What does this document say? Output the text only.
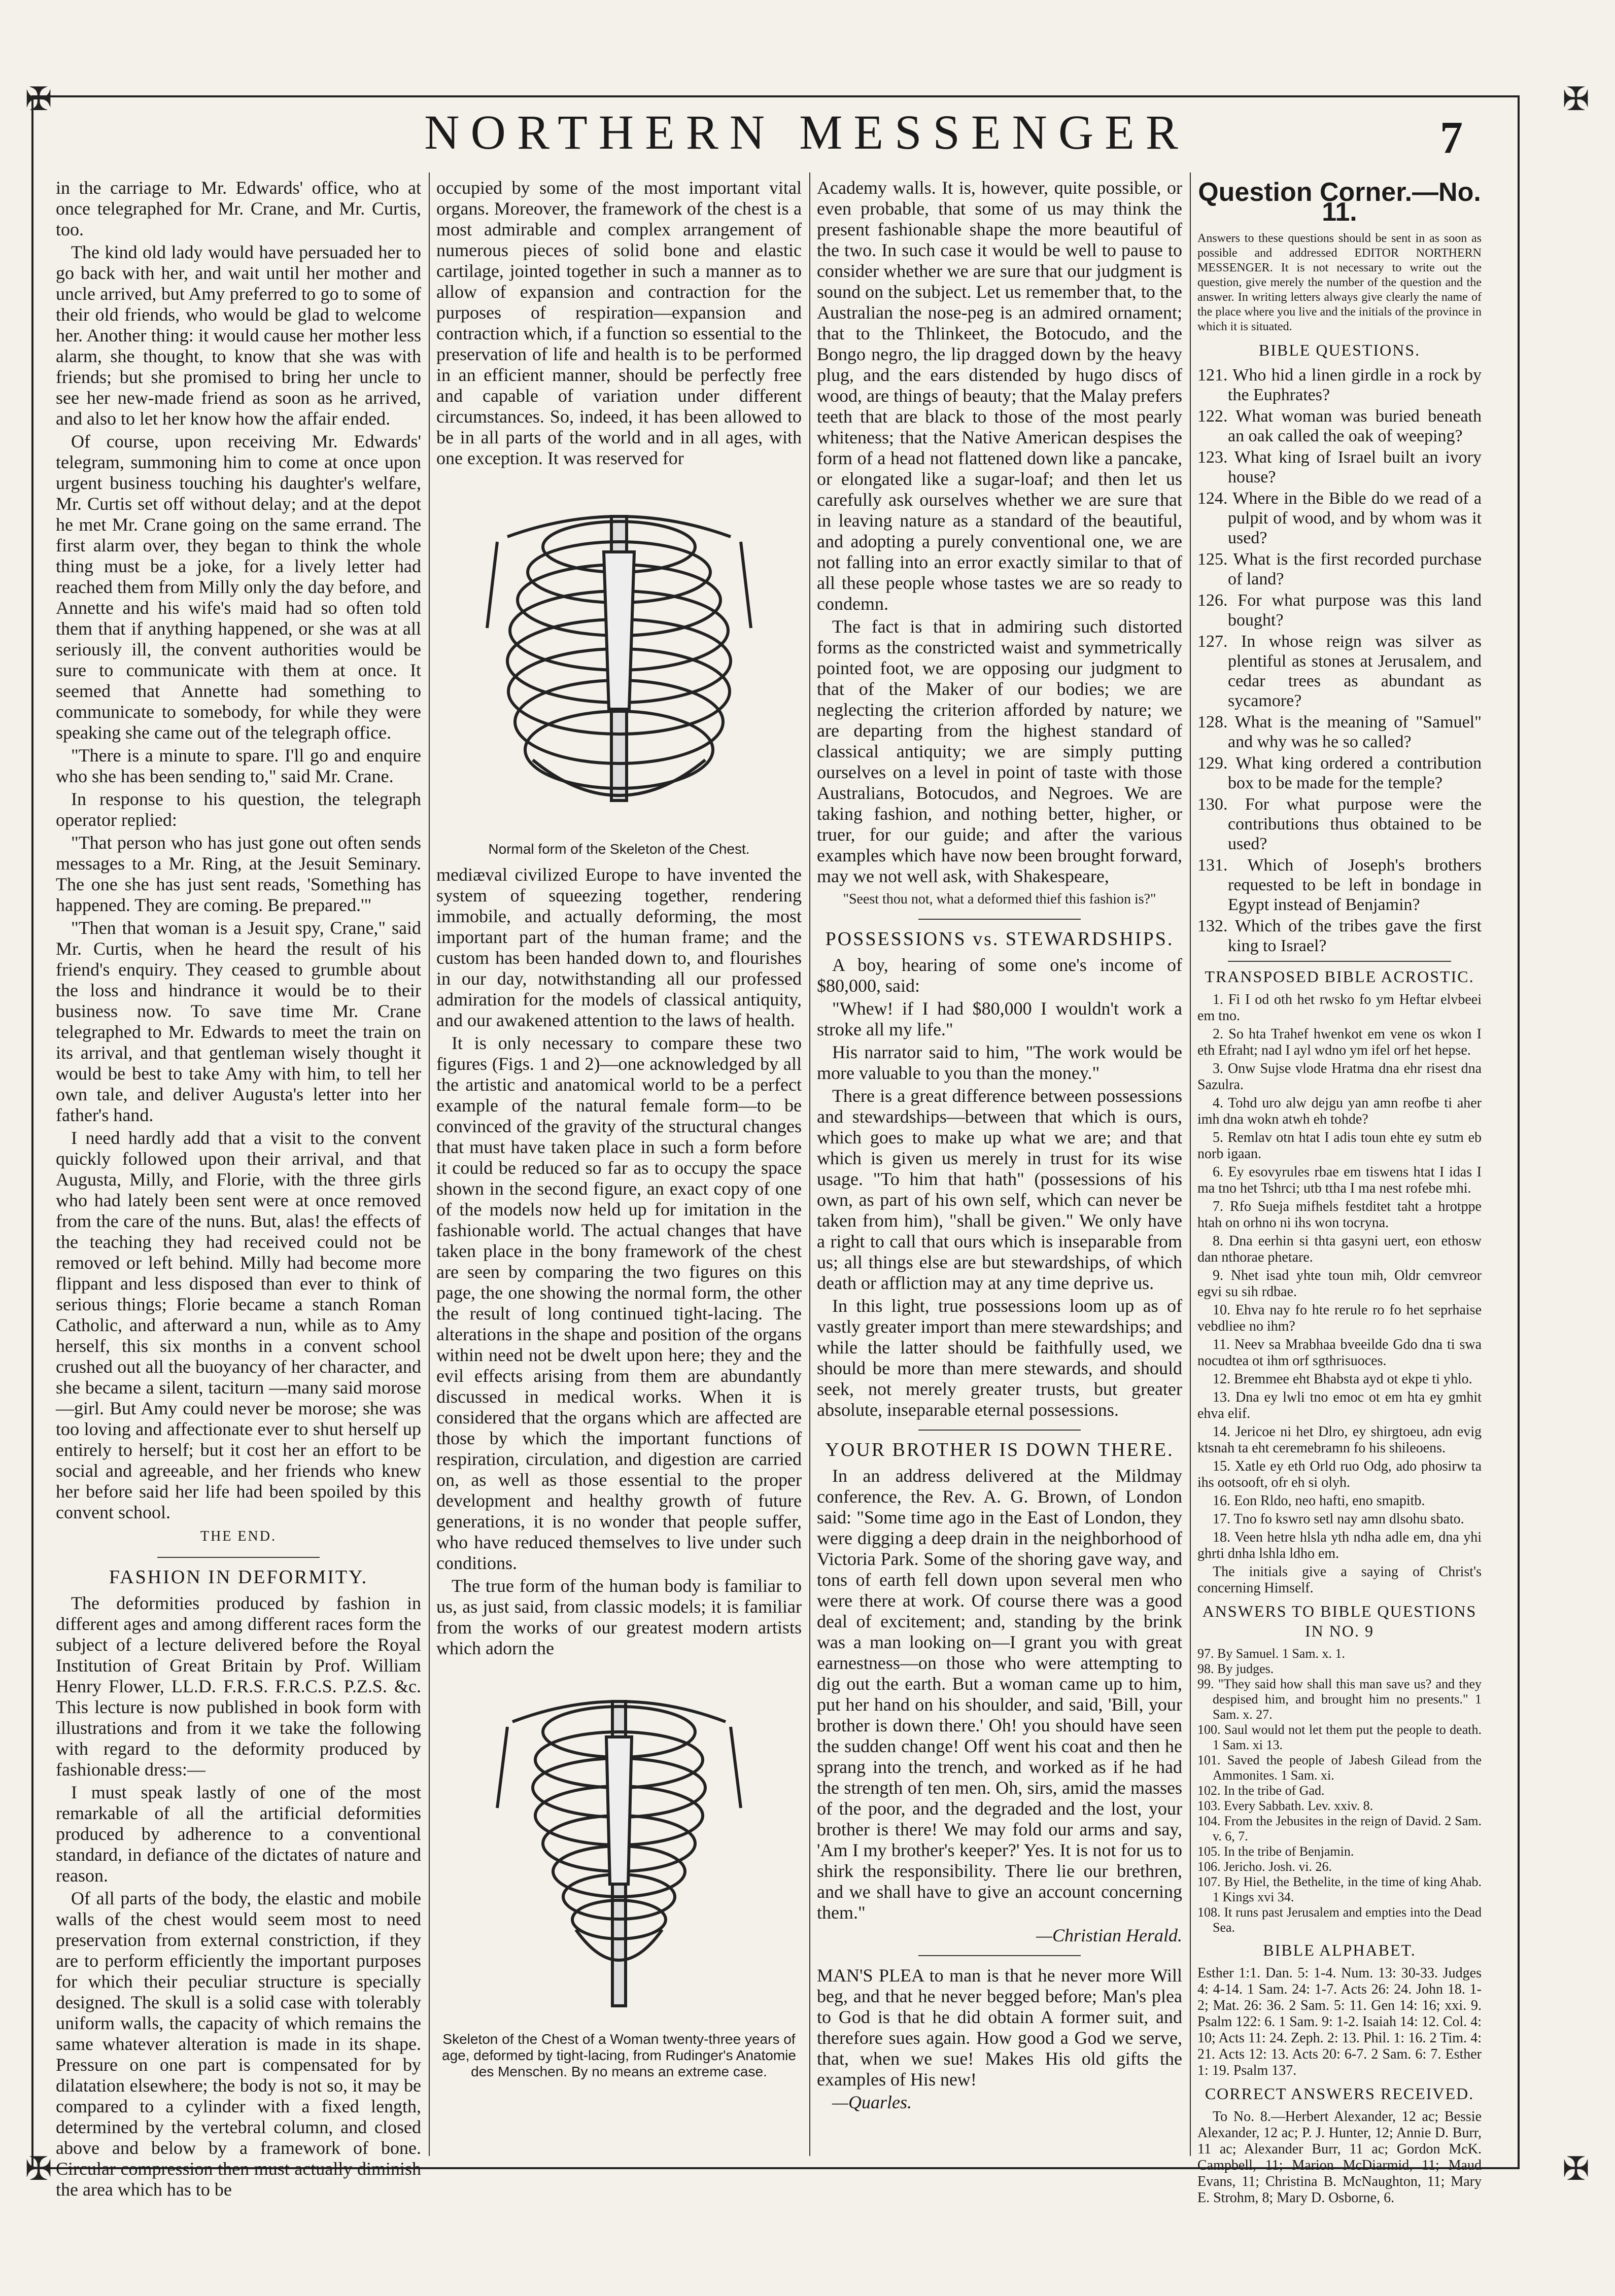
✠	✠
✠	✠
NORTHERN MESSENGER	7

in the carriage to Mr. Edwards' office, who at once telegraphed for Mr. Crane, and Mr. Curtis, too.

The kind old lady would have persuaded her to go back with her, and wait until her mother and uncle arrived, but Amy preferred to go to some of their old friends, who would be glad to welcome her. Another thing: it would cause her mother less alarm, she thought, to know that she was with friends; but she promised to bring her uncle to see her new-made friend as soon as he arrived, and also to let her know how the affair ended.

Of course, upon receiving Mr. Edwards' telegram, summoning him to come at once upon urgent business touching his daughter's welfare, Mr. Curtis set off without delay; and at the depot he met Mr. Crane going on the same errand. The first alarm over, they began to think the whole thing must be a joke, for a lively letter had reached them from Milly only the day before, and Annette and his wife's maid had so often told them that if anything happened, or she was at all seriously ill, the convent authorities would be sure to communicate with them at once. It seemed that Annette had something to communicate to somebody, for while they were speaking she came out of the telegraph office.

"There is a minute to spare. I'll go and enquire who she has been sending to," said Mr. Crane.

In response to his question, the telegraph operator replied:

"That person who has just gone out often sends messages to a Mr. Ring, at the Jesuit Seminary. The one she has just sent reads, 'Something has happened. They are coming. Be prepared.'"

"Then that woman is a Jesuit spy, Crane," said Mr. Curtis, when he heard the result of his friend's enquiry. They ceased to grumble about the loss and hindrance it would be to their business now. To save time Mr. Crane telegraphed to Mr. Edwards to meet the train on its arrival, and that gentleman wisely thought it would be best to take Amy with him, to tell her own tale, and deliver Augusta's letter into her father's hand.

I need hardly add that a visit to the convent quickly followed upon their arrival, and that Augusta, Milly, and Florie, with the three girls who had lately been sent were at once removed from the care of the nuns. But, alas! the effects of the teaching they had received could not be removed or left behind. Milly had become more flippant and less disposed than ever to think of serious things; Florie became a stanch Roman Catholic, and afterward a nun, while as to Amy herself, this six months in a convent school crushed out all the buoyancy of her character, and she became a silent, taciturn —many said morose—girl. But Amy could never be morose; she was too loving and affectionate ever to shut herself up entirely to herself; but it cost her an effort to be social and agreeable, and her friends who knew her before said her life had been spoiled by this convent school.

THE END.
FASHION IN DEFORMITY.

The deformities produced by fashion in different ages and among different races form the subject of a lecture delivered before the Royal Institution of Great Britain by Prof. William Henry Flower, LL.D. F.R.S. F.R.C.S. P.Z.S. &c. This lecture is now published in book form with illustrations and from it we take the following with regard to the deformity produced by fashionable dress:—

I must speak lastly of one of the most remarkable of all the artificial deformities produced by adherence to a conventional standard, in defiance of the dictates of nature and reason.

Of all parts of the body, the elastic and mobile walls of the chest would seem most to need preservation from external constriction, if they are to perform efficiently the important purposes for which their peculiar structure is specially designed. The skull is a solid case with tolerably uniform walls, the capacity of which remains the same whatever alteration is made in its shape. Pressure on one part is compensated for by dilatation elsewhere; the body is not so, it may be compared to a cylinder with a fixed length, determined by the vertebral column, and closed above and below by a framework of bone. Circular compression then must actually diminish the area which has to be

occupied by some of the most important vital organs. Moreover, the framework of the chest is a most admirable and complex arrangement of numerous pieces of solid bone and elastic cartilage, jointed together in such a manner as to allow of expansion and contraction for the purposes of respiration—expansion and contraction which, if a function so essential to the preservation of life and health is to be performed in an efficient manner, should be perfectly free and capable of variation under different circumstances. So, indeed, it has been allowed to be in all parts of the world and in all ages, with one exception. It was reserved for

Normal form of the Skeleton of the Chest.

mediæval civilized Europe to have invented the system of squeezing together, rendering immobile, and actually deforming, the most important part of the human frame; and the custom has been handed down to, and flourishes in our day, notwithstanding all our professed admiration for the models of classical antiquity, and our awakened attention to the laws of health.

It is only necessary to compare these two figures (Figs. 1 and 2)—one acknowledged by all the artistic and anatomical world to be a perfect example of the natural female form—to be convinced of the gravity of the structural changes that must have taken place in such a form before it could be reduced so far as to occupy the space shown in the second figure, an exact copy of one of the models now held up for imitation in the fashionable world. The actual changes that have taken place in the bony framework of the chest are seen by comparing the two figures on this page, the one showing the normal form, the other the result of long continued tight-lacing. The alterations in the shape and position of the organs within need not be dwelt upon here; they and the evil effects arising from them are abundantly discussed in medical works. When it is considered that the organs which are affected are those by which the important functions of respiration, circulation, and digestion are carried on, as well as those essential to the proper development and healthy growth of future generations, it is no wonder that people suffer, who have reduced themselves to live under such conditions.

The true form of the human body is familiar to us, as just said, from classic models; it is familiar from the works of our greatest modern artists which adorn the

Skeleton of the Chest of a Woman twenty-three years of age, deformed by tight-lacing, from Rudinger's Anatomie des Menschen. By no means an extreme case.

Academy walls. It is, however, quite possible, or even probable, that some of us may think the present fashionable shape the more beautiful of the two. In such case it would be well to pause to consider whether we are sure that our judgment is sound on the subject. Let us remember that, to the Australian the nose-peg is an admired ornament; that to the Thlinkeet, the Botocudo, and the Bongo negro, the lip dragged down by the heavy plug, and the ears distended by hugo discs of wood, are things of beauty; that the Malay prefers teeth that are black to those of the most pearly whiteness; that the Native American despises the form of a head not flattened down like a pancake, or elongated like a sugar-loaf; and then let us carefully ask ourselves whether we are sure that in leaving nature as a standard of the beautiful, and adopting a purely conventional one, we are not falling into an error exactly similar to that of all these people whose tastes we are so ready to condemn.

The fact is that in admiring such distorted forms as the constricted waist and symmetrically pointed foot, we are opposing our judgment to that of the Maker of our bodies; we are neglecting the criterion afforded by nature; we are departing from the highest standard of classical antiquity; we are simply putting ourselves on a level in point of taste with those Australians, Botocudos, and Negroes. We are taking fashion, and nothing better, higher, or truer, for our guide; and after the various examples which have now been brought forward, may we not well ask, with Shakespeare,

"Seest thou not, what a deformed thief this fashion is?"

POSSESSIONS vs. STEWARDSHIPS.

A boy, hearing of some one's income of $80,000, said:

"Whew! if I had $80,000 I wouldn't work a stroke all my life."

His narrator said to him, "The work would be more valuable to you than the money."

There is a great difference between possessions and stewardships—between that which is ours, which goes to make up what we are; and that which is given us merely in trust for its wise usage. "To him that hath" (possessions of his own, as part of his own self, which can never be taken from him), "shall be given." We only have a right to call that ours which is inseparable from us; all things else are but stewardships, of which death or affliction may at any time deprive us.

In this light, true possessions loom up as of vastly greater import than mere stewardships; and while the latter should be faithfully used, we should be more than mere stewards, and should seek, not merely greater trusts, but greater absolute, inseparable eternal possessions.

YOUR BROTHER IS DOWN THERE.

In an address delivered at the Mildmay conference, the Rev. A. G. Brown, of London said: "Some time ago in the East of London, they were digging a deep drain in the neighborhood of Victoria Park. Some of the shoring gave way, and tons of earth fell down upon several men who were there at work. Of course there was a good deal of excitement; and, standing by the brink was a man looking on—I grant you with great earnestness—on those who were attempting to dig out the earth. But a woman came up to him, put her hand on his shoulder, and said, 'Bill, your brother is down there.' Oh! you should have seen the sudden change! Off went his coat and then he sprang into the trench, and worked as if he had the strength of ten men. Oh, sirs, amid the masses of the poor, and the degraded and the lost, your brother is there! We may fold our arms and say, 'Am I my brother's keeper?' Yes. It is not for us to shirk the responsibility. There lie our brethren, and we shall have to give an account concerning them."

—Christian Herald.

MAN'S PLEA to man is that he never more Will beg, and that he never begged before; Man's plea to God is that he did obtain A former suit, and therefore sues again. How good a God we serve, that, when we sue! Makes His old gifts the examples of His new!

—Quarles.

Question Corner.—No. 11.

Answers to these questions should be sent in as soon as possible and addressed EDITOR NORTHERN MESSENGER. It is not necessary to write out the question, give merely the number of the question and the answer. In writing letters always give clearly the name of the place where you live and the initials of the province in which it is situated.

BIBLE QUESTIONS.

121. Who hid a linen girdle in a rock by the Euphrates?

122. What woman was buried beneath an oak called the oak of weeping?

123. What king of Israel built an ivory house?

124. Where in the Bible do we read of a pulpit of wood, and by whom was it used?

125. What is the first recorded purchase of land?

126. For what purpose was this land bought?

127. In whose reign was silver as plentiful as stones at Jerusalem, and cedar trees as abundant as sycamore?

128. What is the meaning of "Samuel" and why was he so called?

129. What king ordered a contribution box to be made for the temple?

130. For what purpose were the contributions thus obtained to be used?

131. Which of Joseph's brothers requested to be left in bondage in Egypt instead of Benjamin?

132. Which of the tribes gave the first king to Israel?

TRANSPOSED BIBLE ACROSTIC.

1. Fi I od oth het rwsko fo ym Heftar elvbeei em tno.

2. So hta Trahef hwenkot em vene os wkon I eth Efraht; nad I ayl wdno ym ifel orf het hepse.

3. Onw Sujse vlode Hratma dna ehr risest dna Sazulra.

4. Tohd uro alw dejgu yan amn reofbe ti aher imh dna wokn atwh eh tohde?

5. Remlav otn htat I adis toun ehte ey sutm eb norb igaan.

6. Ey esovyrules rbae em tiswens htat I idas I ma tno het Tshrci; utb ttha I ma nest rofebe mhi.

7. Rfo Sueja mifhels festditet taht a hrotppe htah on orhno ni ihs won tocryna.

8. Dna eerhin si thta gasyni uert, eon ethosw dan nthorae phetare.

9. Nhet isad yhte toun mih, Oldr cemvreor egvi su sih rdbae.

10. Ehva nay fo hte rerule ro fo het seprhaise vebdliee no ihm?

11. Neev sa Mrabhaa bveeilde Gdo dna ti swa nocudtea ot ihm orf sgthrisuoces.

12. Bremmee eht Bhabsta ayd ot ekpe ti yhlo.

13. Dna ey lwli tno emoc ot em hta ey gmhit ehva elif.

14. Jericoe ni het Dlro, ey shirgtoeu, adn evig ktsnah ta eht ceremebramn fo his shileoens.

15. Xatle ey eth Orld ruo Odg, ado phosirw ta ihs ootsooft, ofr eh si olyh.

16. Eon Rldo, neo hafti, eno smapitb.

17. Tno fo kswro setl nay amn dlsohu sbato.

18. Veen hetre hlsla yth ndha adle em, dna yhi ghrti dnha lshla ldho em.

The initials give a saying of Christ's concerning Himself.

ANSWERS TO BIBLE QUESTIONS IN NO. 9

97. By Samuel. 1 Sam. x. 1.

98. By judges.

99. "They said how shall this man save us? and they despised him, and brought him no presents." 1 Sam. x. 27.

100. Saul would not let them put the people to death. 1 Sam. xi 13.

101. Saved the people of Jabesh Gilead from the Ammonites. 1 Sam. xi.

102. In the tribe of Gad.

103. Every Sabbath. Lev. xxiv. 8.

104. From the Jebusites in the reign of David. 2 Sam. v. 6, 7.

105. In the tribe of Benjamin.

106. Jericho. Josh. vi. 26.

107. By Hiel, the Bethelite, in the time of king Ahab. 1 Kings xvi 34.

108. It runs past Jerusalem and empties into the Dead Sea.

BIBLE ALPHABET.

Esther 1:1. Dan. 5: 1-4. Num. 13: 30-33. Judges 4: 4-14. 1 Sam. 24: 1-7. Acts 26: 24. John 18. 1-2; Mat. 26: 36. 2 Sam. 5: 11. Gen 14: 16; xxi. 9. Psalm 122: 6. 1 Sam. 9: 1-2. Isaiah 14: 12. Col. 4: 10; Acts 11: 24. Zeph. 2: 13. Phil. 1: 16. 2 Tim. 4: 21. Acts 12: 13. Acts 20: 6-7. 2 Sam. 6: 7. Esther 1: 19. Psalm 137.

CORRECT ANSWERS RECEIVED.

To No. 8.—Herbert Alexander, 12 ac; Bessie Alexander, 12 ac; P. J. Hunter, 12; Annie D. Burr, 11 ac; Alexander Burr, 11 ac; Gordon McK. Campbell, 11; Marion McDiarmid, 11; Maud Evans, 11; Christina B. McNaughton, 11; Mary E. Strohm, 8; Mary D. Osborne, 6.
